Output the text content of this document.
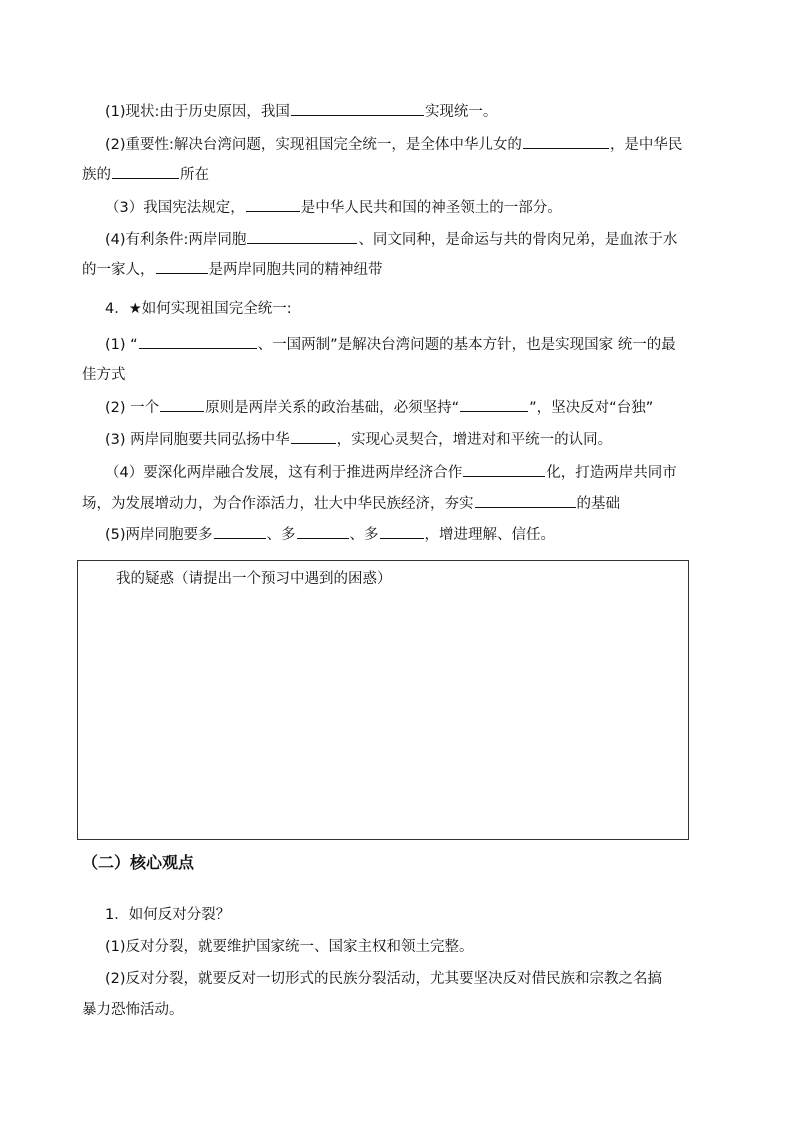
(1)现状:由于历史原因，我国	实现统一。
(2)重要性:解决台湾问题，实现祖国完全统一，是全体中华儿女的	，是中华民
族的	所在
（3）我国宪法规定，	是中华人民共和国的神圣领土的一部分。
(4)有利条件:两岸同胞	、同文同种，是命运与共的骨肉兄弟，是血浓于水
的一家人，	是两岸同胞共同的精神纽带
4．★如何实现祖国完全统一:
(1) “	、一国两制”是解决台湾问题的基本方针，也是实现国家 统一的最
佳方式
(2) 一个	原则是两岸关系的政治基础，必须坚持“	”，坚决反对“台独”
(3) 两岸同胞要共同弘扬中华	，实现心灵契合，增进对和平统一的认同。
（4）要深化两岸融合发展，这有利于推进两岸经济合作	化，打造两岸共同市
场，为发展增动力，为合作添活力，壮大中华民族经济，夯实	的基础
(5)两岸同胞要多	、多	、多	，增进理解、信任。
我的疑惑（请提出一个预习中遇到的困惑）
（二）核心观点
1．如何反对分裂？
(1)反对分裂，就要维护国家统一、国家主权和领土完整。
(2)反对分裂，就要反对一切形式的民族分裂活动，尤其要坚决反对借民族和宗教之名搞
暴力恐怖活动。
